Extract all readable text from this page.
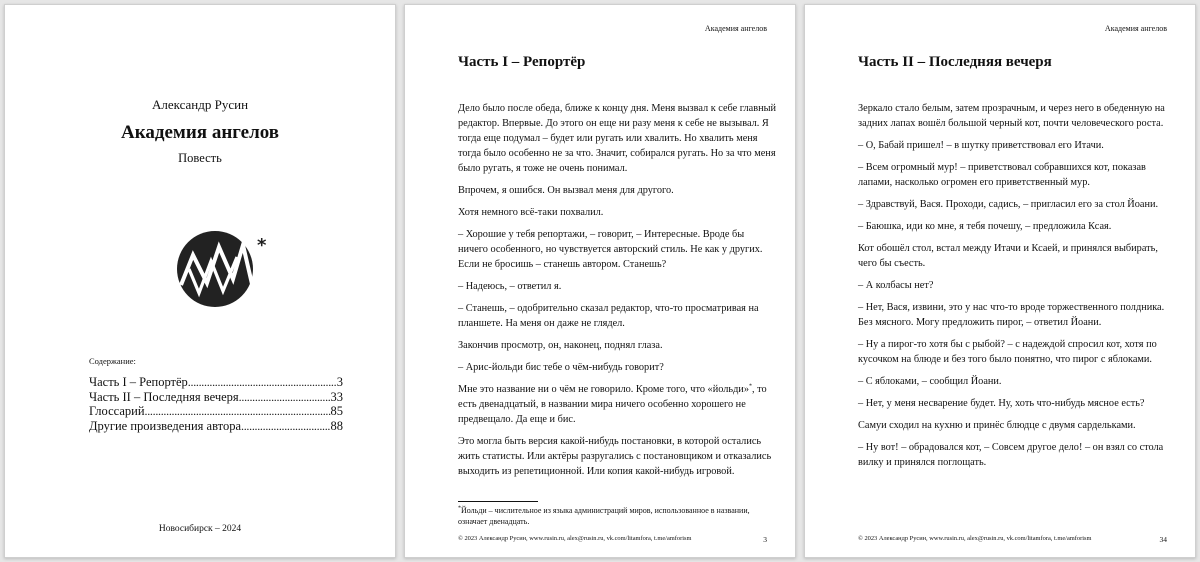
Александр Русин
Академия ангелов
Повесть
*
Содержание:
Часть I – Репортёр .....	3
Часть II – Последняя вечеря .....	33
Глоссарий .....	85
Другие произведения автора .....	88
Новосибирск – 2024
Академия ангелов
Часть I – Репортёр

Дело было после обеда, ближе к концу дня. Меня вызвал к себе главный редактор. Впервые. До этого он еще ни разу меня к себе не вызывал. Я тогда еще подумал – будет или ругать или хвалить. Но хвалить меня тогда было особенно не за что. Значит, собирался ругать. Но за что меня было ругать, я тоже не очень понимал.

Впрочем, я ошибся. Он вызвал меня для другого.

Хотя немного всё-таки похвалил.

– Хорошие у тебя репортажи, – говорит, – Интересные. Вроде бы ничего особенного, но чувствуется авторский стиль. Не как у других. Если не бросишь – станешь автором. Станешь?

– Надеюсь, – ответил я.

– Станешь, – одобрительно сказал редактор, что-то просматривая на планшете. На меня он даже не глядел.

Закончив просмотр, он, наконец, поднял глаза.

– Арис-йольди бис тебе о чём-нибудь говорит?

Мне это название ни о чём не говорило. Кроме того, что «йольди»*, то есть двенадцатый, в названии мира ничего особенно хорошего не предвещало. Да еще и бис.

Это могла быть версия какой-нибудь постановки, в которой остались жить статисты. Или актёры разругались с постановщиком и отказались выходить из репетиционной. Или копия какой-нибудь игровой.

*Йольди – числительное из языка администраций миров, использованное в названии, означает двенадцать.
© 2023 Александр Русин, www.rusin.ru, alex@rusin.ru, vk.com/litamfora, t.me/amforism	3
Академия ангелов
Часть II – Последняя вечеря

Зеркало стало белым, затем прозрачным, и через него в обеденную на задних лапах вошёл большой черный кот, почти человеческого роста.

– О, Бабай пришел! – в шутку приветствовал его Итачи.

– Всем огромный мур! – приветствовал собравшихся кот, показав лапами, насколько огромен его приветственный мур.

– Здравствуй, Вася. Проходи, садись, – пригласил его за стол Йоани.

– Баюшка, иди ко мне, я тебя почешу, – предложила Ксая.

Кот обошёл стол, встал между Итачи и Ксаей, и принялся выбирать, чего бы съесть.

– А колбасы нет?

– Нет, Вася, извини, это у нас что-то вроде торжественного полдника. Без мясного. Могу предложить пирог, – ответил Йоани.

– Ну а пирог-то хотя бы с рыбой? – с надеждой спросил кот, хотя по кусочком на блюде и без того было понятно, что пирог с яблоками.

– С яблоками, – сообщил Йоани.

– Нет, у меня несварение будет. Ну, хоть что-нибудь мясное есть?

Самуи сходил на кухню и принёс блюдце с двумя сардельками.

– Ну вот! – обрадовался кот, – Совсем другое дело! – он взял со стола вилку и принялся поглощать.

© 2023 Александр Русин, www.rusin.ru, alex@rusin.ru, vk.com/litamfora, t.me/amforism	34
